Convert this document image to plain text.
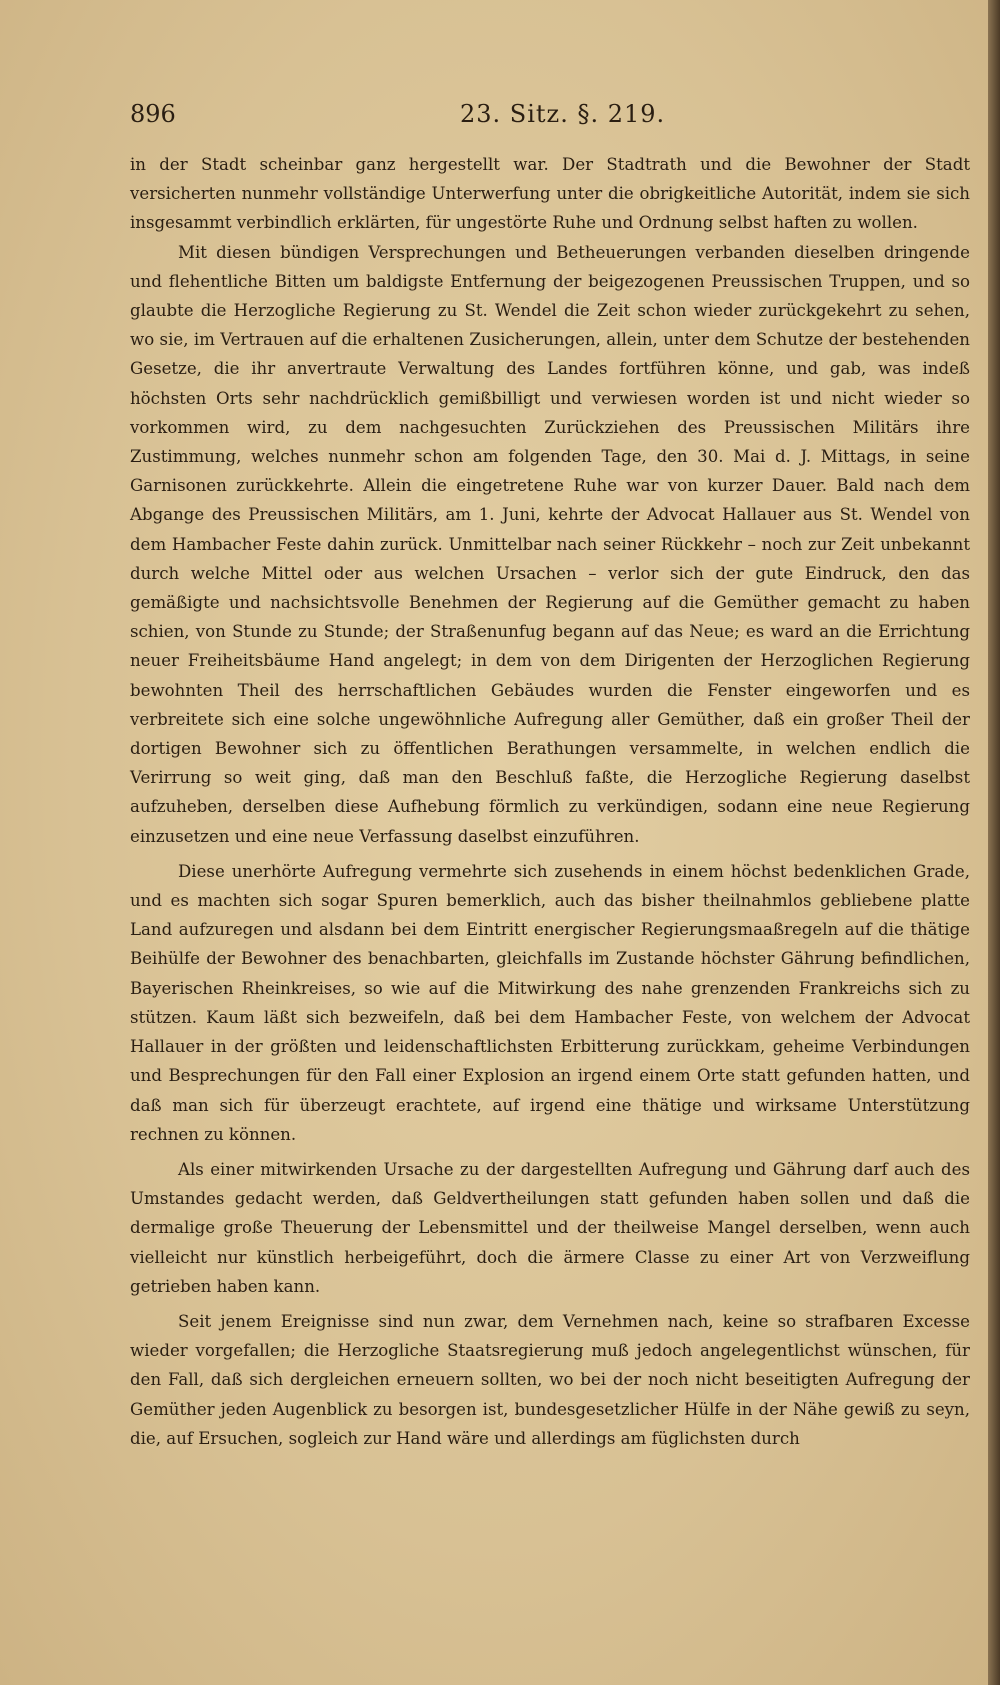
896	23. Sitz. §. 219.

in der Stadt scheinbar ganz hergestellt war. Der Stadtrath und die Bewohner der Stadt versicherten nunmehr vollständige Unterwerfung unter die obrigkeitliche Autorität, indem sie sich insgesammt verbindlich erklärten, für ungestörte Ruhe und Ordnung selbst haften zu wollen.

Mit diesen bündigen Versprechungen und Betheuerungen verbanden dieselben dringende und flehentliche Bitten um baldigste Entfernung der beigezogenen Preussischen Truppen, und so glaubte die Herzogliche Regierung zu St. Wendel die Zeit schon wieder zurückgekehrt zu sehen, wo sie, im Vertrauen auf die erhaltenen Zusicherungen, allein, unter dem Schutze der bestehenden Gesetze, die ihr anvertraute Verwaltung des Landes fortführen könne, und gab, was indeß höchsten Orts sehr nachdrücklich gemißbilligt und verwiesen worden ist und nicht wieder so vorkommen wird, zu dem nachgesuchten Zurückziehen des Preussischen Militärs ihre Zustimmung, welches nunmehr schon am folgenden Tage, den 30. Mai d. J. Mittags, in seine Garnisonen zurückkehrte. Allein die eingetretene Ruhe war von kurzer Dauer. Bald nach dem Abgange des Preussischen Militärs, am 1. Juni, kehrte der Advocat Hallauer aus St. Wendel von dem Hambacher Feste dahin zurück. Unmittelbar nach seiner Rückkehr – noch zur Zeit unbekannt durch welche Mittel oder aus welchen Ursachen – verlor sich der gute Eindruck, den das gemäßigte und nachsichtsvolle Benehmen der Regierung auf die Gemüther gemacht zu haben schien, von Stunde zu Stunde; der Straßenunfug begann auf das Neue; es ward an die Errichtung neuer Freiheitsbäume Hand angelegt; in dem von dem Dirigenten der Herzoglichen Regierung bewohnten Theil des herrschaftlichen Gebäudes wurden die Fenster eingeworfen und es verbreitete sich eine solche ungewöhnliche Aufregung aller Gemüther, daß ein großer Theil der dortigen Bewohner sich zu öffentlichen Berathungen versammelte, in welchen endlich die Verirrung so weit ging, daß man den Beschluß faßte, die Herzogliche Regierung daselbst aufzuheben, derselben diese Aufhebung förmlich zu verkündigen, sodann eine neue Regierung einzusetzen und eine neue Verfassung daselbst einzuführen.

Diese unerhörte Aufregung vermehrte sich zusehends in einem höchst bedenklichen Grade, und es machten sich sogar Spuren bemerklich, auch das bisher theilnahmlos gebliebene platte Land aufzuregen und alsdann bei dem Eintritt energischer Regierungsmaaßregeln auf die thätige Beihülfe der Bewohner des benachbarten, gleichfalls im Zustande höchster Gährung befindlichen, Bayerischen Rheinkreises, so wie auf die Mitwirkung des nahe grenzenden Frankreichs sich zu stützen. Kaum läßt sich bezweifeln, daß bei dem Hambacher Feste, von welchem der Advocat Hallauer in der größten und leidenschaftlichsten Erbitterung zurückkam, geheime Verbindungen und Besprechungen für den Fall einer Explosion an irgend einem Orte statt gefunden hatten, und daß man sich für überzeugt erachtete, auf irgend eine thätige und wirksame Unterstützung rechnen zu können.

Als einer mitwirkenden Ursache zu der dargestellten Aufregung und Gährung darf auch des Umstandes gedacht werden, daß Geldvertheilungen statt gefunden haben sollen und daß die dermalige große Theuerung der Lebensmittel und der theilweise Mangel derselben, wenn auch vielleicht nur künstlich herbeigeführt, doch die ärmere Classe zu einer Art von Verzweiflung getrieben haben kann.

Seit jenem Ereignisse sind nun zwar, dem Vernehmen nach, keine so strafbaren Excesse wieder vorgefallen; die Herzogliche Staatsregierung muß jedoch angelegentlichst wünschen, für den Fall, daß sich dergleichen erneuern sollten, wo bei der noch nicht beseitigten Aufregung der Gemüther jeden Augenblick zu besorgen ist, bundesgesetzlicher Hülfe in der Nähe gewiß zu seyn, die, auf Ersuchen, sogleich zur Hand wäre und allerdings am füglichsten durch
